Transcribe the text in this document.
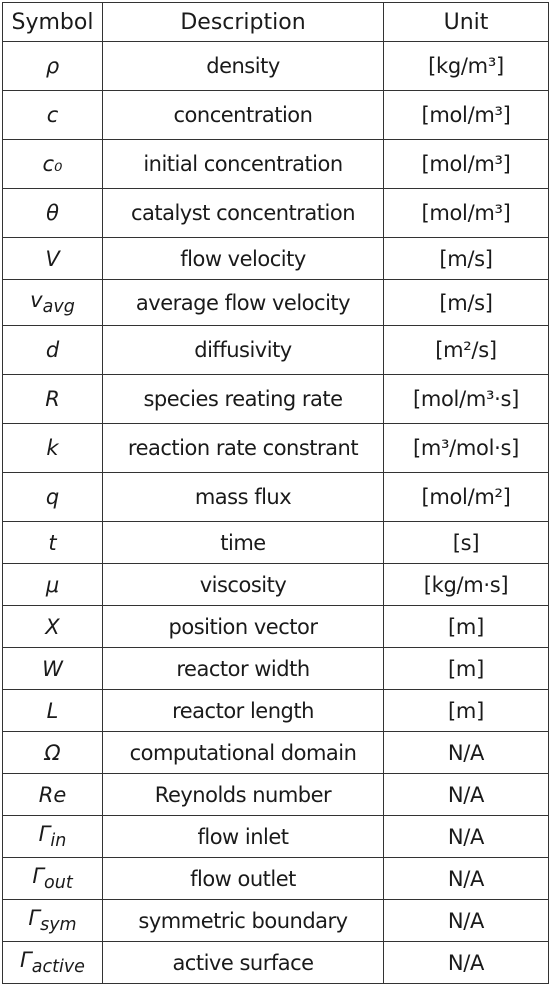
Symbol	Description	Unit
ρ	density	[kg/m³]
c	concentration	[mol/m³]
c₀	initial concentration	[mol/m³]
θ	catalyst concentration	[mol/m³]
V	flow velocity	[m/s]
$v_{avg}$	average flow velocity	[m/s]
d	diffusivity	[m²/s]
R	species reating rate	[mol/m³·s]
k	reaction rate constrant	[m³/mol·s]
q	mass flux	[mol/m²]
t	time	[s]
μ	viscosity	[kg/m·s]
X	position vector	[m]
W	reactor width	[m]
L	reactor length	[m]
Ω	computational domain	N/A
Re	Reynolds number	N/A
$\Gamma_{in}$	flow inlet	N/A
$\Gamma_{out}$	flow outlet	N/A
$\Gamma_{sym}$	symmetric boundary	N/A
$\Gamma_{active}$	active surface	N/A
